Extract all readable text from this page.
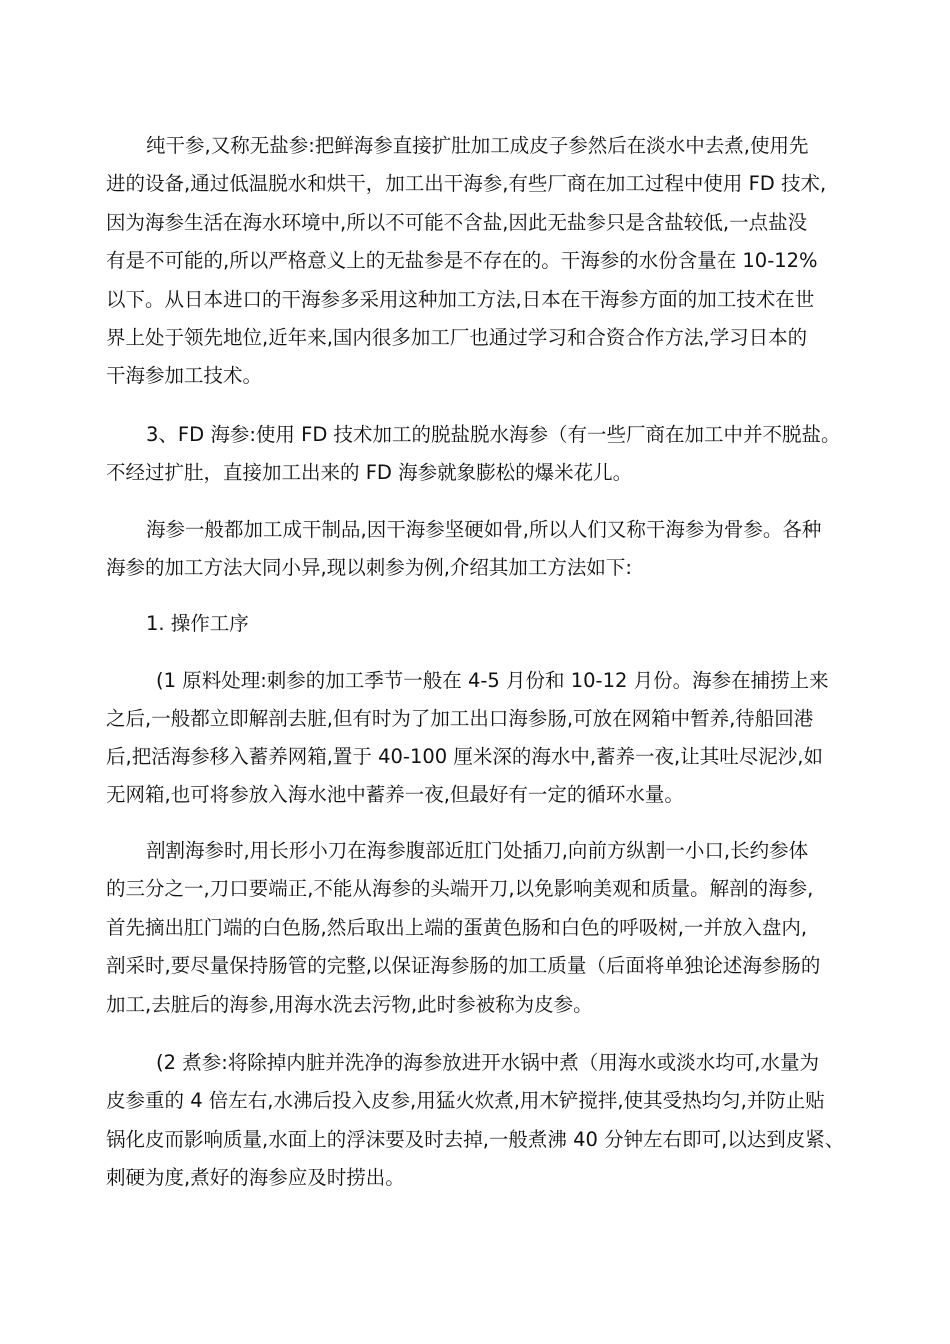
纯干参,又称无盐参:把鲜海参直接扩肚加工成皮子参然后在淡水中去煮,使用先
进的设备,通过低温脱水和烘干，加工出干海参,有些厂商在加工过程中使用 FD 技术,
因为海参生活在海水环境中,所以不可能不含盐,因此无盐参只是含盐较低,一点盐没
有是不可能的,所以严格意义上的无盐参是不存在的。干海参的水份含量在 10-12%
以下。从日本进口的干海参多采用这种加工方法,日本在干海参方面的加工技术在世
界上处于领先地位,近年来,国内很多加工厂也通过学习和合资合作方法,学习日本的
干海参加工技术。
3、FD 海参:使用 FD 技术加工的脱盐脱水海参（有一些厂商在加工中并不脱盐。
不经过扩肚，直接加工出来的 FD 海参就象膨松的爆米花儿。
海参一般都加工成干制品,因干海参坚硬如骨,所以人们又称干海参为骨参。各种
海参的加工方法大同小异,现以刺参为例,介绍其加工方法如下:
1. 操作工序
(1 原料处理:刺参的加工季节一般在 4-5 月份和 10-12 月份。海参在捕捞上来
之后,一般都立即解剖去脏,但有时为了加工出口海参肠,可放在网箱中暂养,待船回港
后,把活海参移入蓄养网箱,置于 40-100 厘米深的海水中,蓄养一夜,让其吐尽泥沙,如
无网箱,也可将参放入海水池中蓄养一夜,但最好有一定的循环水量。
剖割海参时,用长形小刀在海参腹部近肛门处插刀,向前方纵割一小口,长约参体
的三分之一,刀口要端正,不能从海参的头端开刀,以免影响美观和质量。解剖的海参,
首先摘出肛门端的白色肠,然后取出上端的蛋黄色肠和白色的呼吸树,一并放入盘内,
剖采时,要尽量保持肠管的完整,以保证海参肠的加工质量（后面将单独论述海参肠的
加工,去脏后的海参,用海水洗去污物,此时参被称为皮参。
(2 煮参:将除掉内脏并洗净的海参放进开水锅中煮（用海水或淡水均可,水量为
皮参重的 4 倍左右,水沸后投入皮参,用猛火炊煮,用木铲搅拌,使其受热均匀,并防止贴
锅化皮而影响质量,水面上的浮沫要及时去掉,一般煮沸 40 分钟左右即可,以达到皮紧、
刺硬为度,煮好的海参应及时捞出。
